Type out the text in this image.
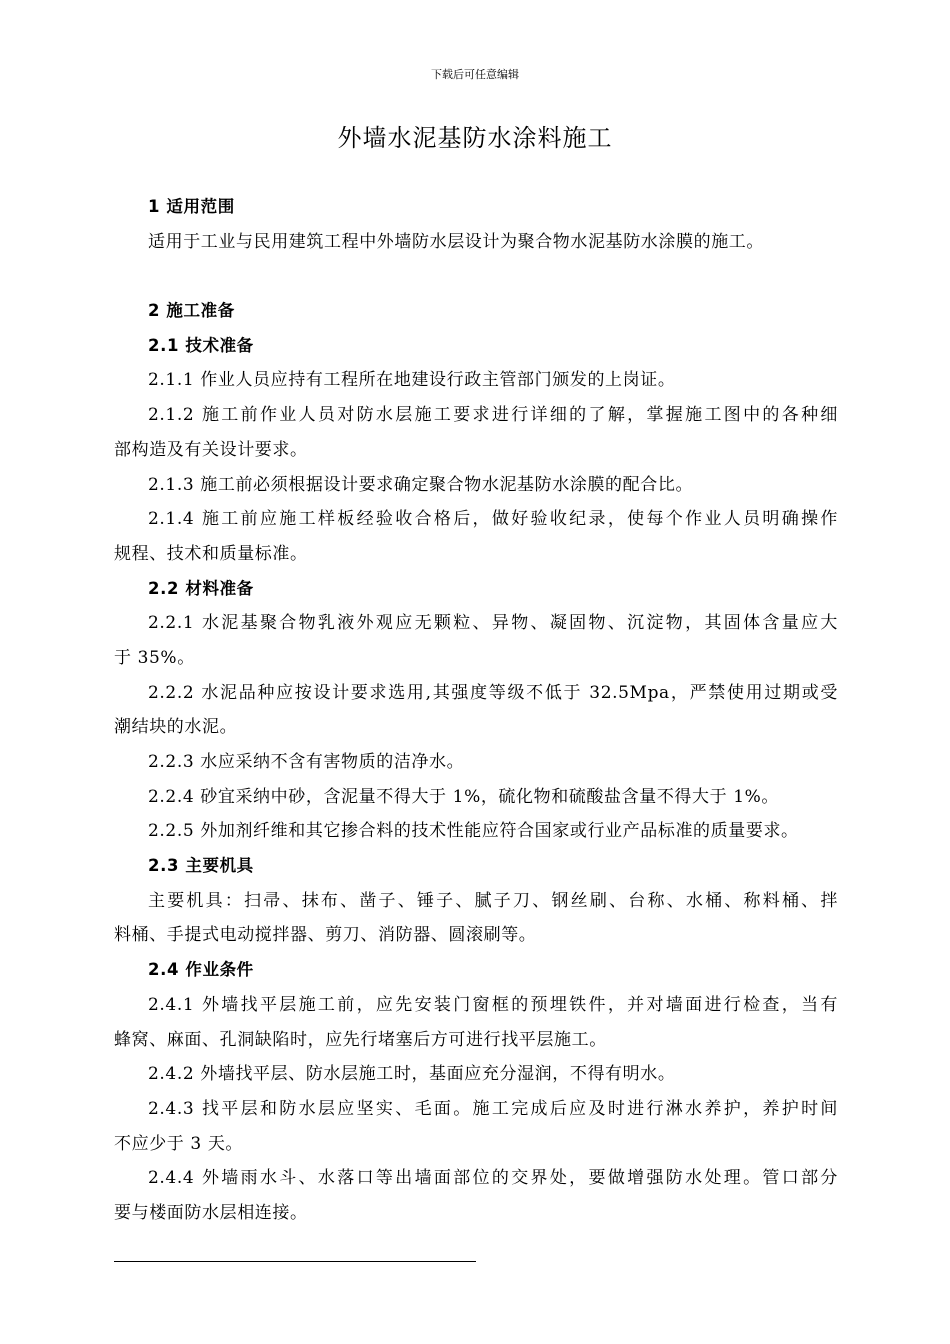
下载后可任意编辑
外墙水泥基防水涂料施工
1 适用范围
适用于工业与民用建筑工程中外墙防水层设计为聚合物水泥基防水涂膜的施工。
2 施工准备
2.1 技术准备
2.1.1 作业人员应持有工程所在地建设行政主管部门颁发的上岗证。
2.1.2 施工前作业人员对防水层施工要求进行详细的了解，掌握施工图中的各种细
部构造及有关设计要求。
2.1.3 施工前必须根据设计要求确定聚合物水泥基防水涂膜的配合比。
2.1.4 施工前应施工样板经验收合格后，做好验收纪录，使每个作业人员明确操作
规程、技术和质量标准。
2.2 材料准备
2.2.1 水泥基聚合物乳液外观应无颗粒、异物、凝固物、沉淀物，其固体含量应大
于 35%。
2.2.2 水泥品种应按设计要求选用,其强度等级不低于 32.5Mpa，严禁使用过期或受
潮结块的水泥。
2.2.3 水应采纳不含有害物质的洁净水。
2.2.4 砂宜采纳中砂，含泥量不得大于 1%，硫化物和硫酸盐含量不得大于 1%。
2.2.5 外加剂纤维和其它掺合料的技术性能应符合国家或行业产品标准的质量要求。
2.3 主要机具
主要机具：扫帚、抹布、凿子、锤子、腻子刀、钢丝刷、台称、水桶、称料桶、拌
料桶、手提式电动搅拌器、剪刀、消防器、圆滚刷等。
2.4 作业条件
2.4.1 外墙找平层施工前，应先安装门窗框的预埋铁件，并对墙面进行检查，当有
蜂窝、麻面、孔洞缺陷时，应先行堵塞后方可进行找平层施工。
2.4.2 外墙找平层、防水层施工时，基面应充分湿润，不得有明水。
2.4.3 找平层和防水层应坚实、毛面。施工完成后应及时进行淋水养护，养护时间
不应少于 3 天。
2.4.4 外墙雨水斗、水落口等出墙面部位的交界处，要做增强防水处理。管口部分
要与楼面防水层相连接。
